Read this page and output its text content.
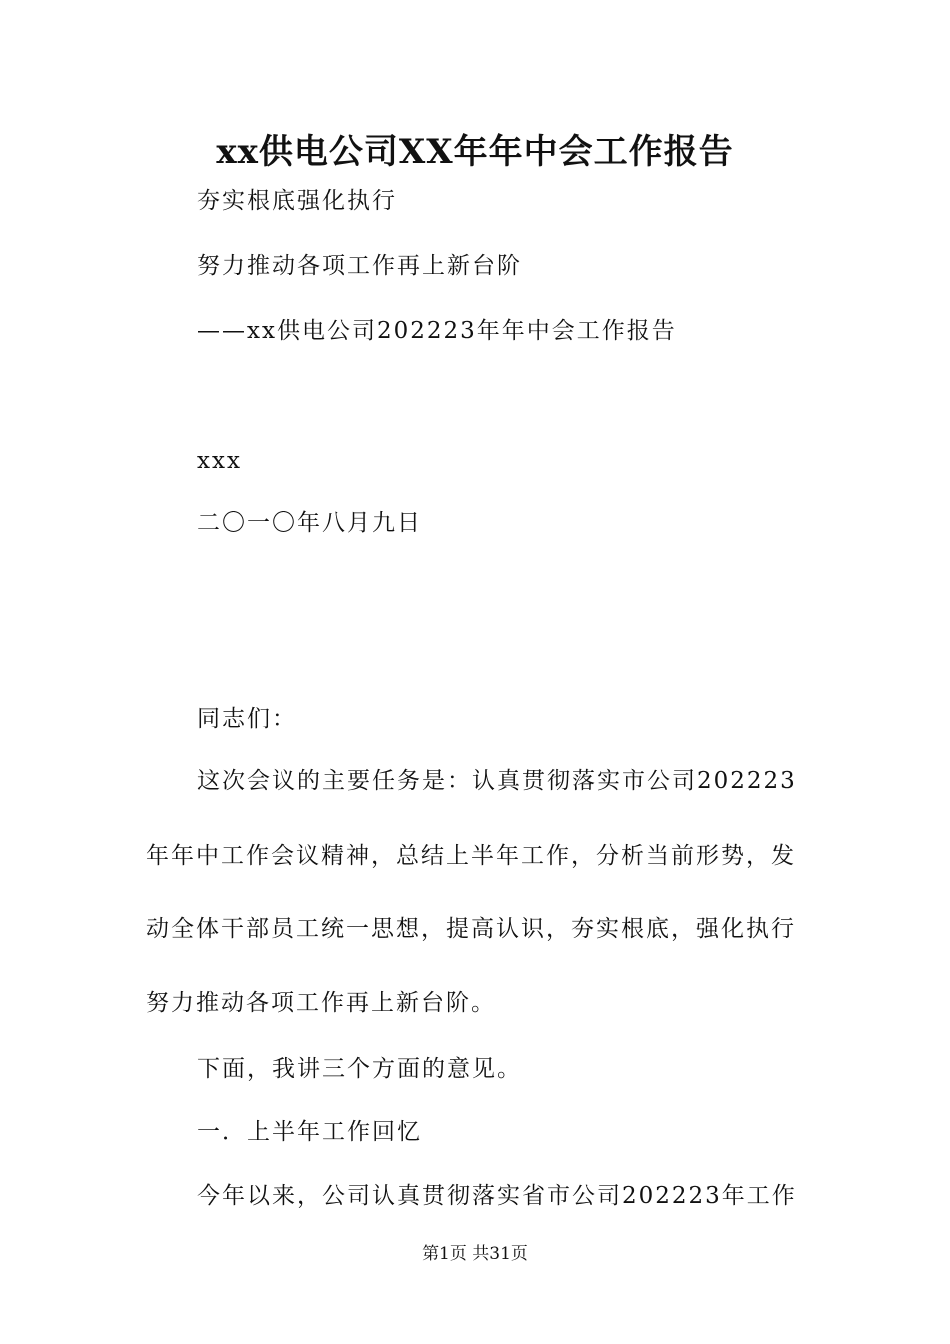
xx供电公司XX年年中会工作报告
夯实根底强化执行
努力推动各项工作再上新台阶
——xx供电公司202223年年中会工作报告
xxx
二〇一〇年八月九日
同志们：
这次会议的主要任务是：认真贯彻落实市公司202223
年年中工作会议精神，总结上半年工作，分析当前形势，发
动全体干部员工统一思想，提高认识，夯实根底，强化执行
努力推动各项工作再上新台阶。
下面，我讲三个方面的意见。
一．上半年工作回忆
今年以来，公司认真贯彻落实省市公司202223年工作
第1页 共31页
